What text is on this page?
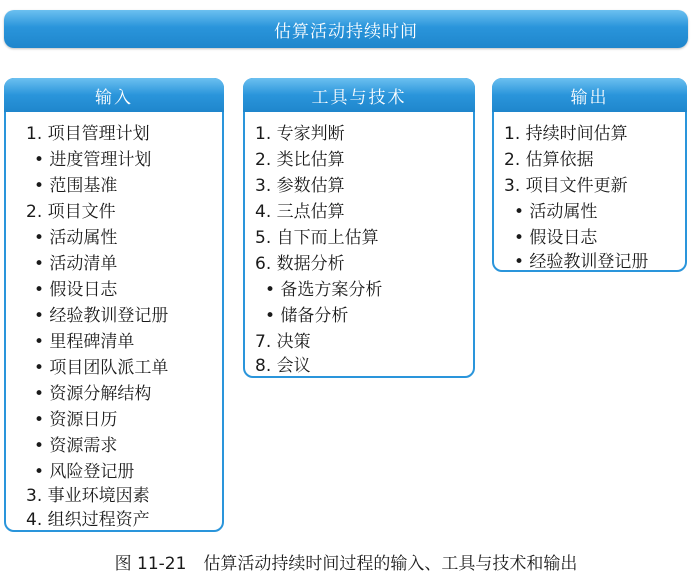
估算活动持续时间
输入
1. 项目管理计划
• 进度管理计划
• 范围基准
2. 项目文件
• 活动属性
• 活动清单
• 假设日志
• 经验教训登记册
• 里程碑清单
• 项目团队派工单
• 资源分解结构
• 资源日历
• 资源需求
• 风险登记册
3. 事业环境因素
4. 组织过程资产
工具与技术
1. 专家判断
2. 类比估算
3. 参数估算
4. 三点估算
5. 自下而上估算
6. 数据分析
• 备选方案分析
• 储备分析
7. 决策
8. 会议
输出
1. 持续时间估算
2. 估算依据
3. 项目文件更新
• 活动属性
• 假设日志
• 经验教训登记册
图 11-21　估算活动持续时间过程的输入、工具与技术和输出
